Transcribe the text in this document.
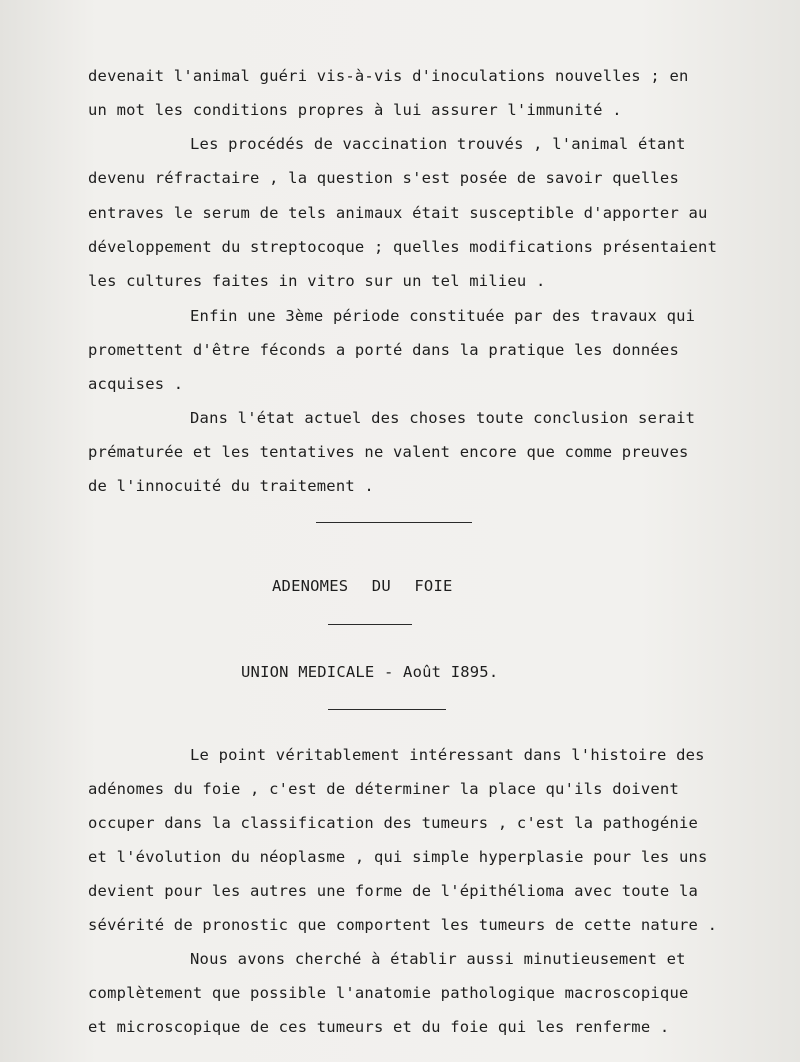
devenait l'animal guéri vis-à-vis d'inoculations nouvelles ; en
un mot les conditions propres à lui assurer l'immunité .
Les procédés de vaccination trouvés , l'animal étant
devenu réfractaire , la question s'est posée de savoir quelles
entraves le serum de tels animaux était susceptible d'apporter au
développement du streptocoque ; quelles modifications présentaient
les cultures faites in vitro sur un tel milieu .
Enfin une 3ème période constituée par des travaux qui
promettent d'être féconds a porté dans la pratique les données
acquises .
Dans l'état actuel des choses toute conclusion serait
prématurée et les tentatives ne valent encore que comme preuves
de l'innocuité du traitement .
ADENOMES DU FOIE
UNION MEDICALE - Août I895.
Le point véritablement intéressant dans l'histoire des
adénomes du foie , c'est de déterminer la place qu'ils doivent
occuper dans la classification des tumeurs , c'est la pathogénie
et l'évolution du néoplasme , qui simple hyperplasie pour les uns
devient pour les autres une forme de l'épithélioma avec toute la
sévérité de pronostic que comportent les tumeurs de cette nature .
Nous avons cherché à établir aussi minutieusement et
complètement que possible l'anatomie pathologique macroscopique
et microscopique de ces tumeurs et du foie qui les renferme .
